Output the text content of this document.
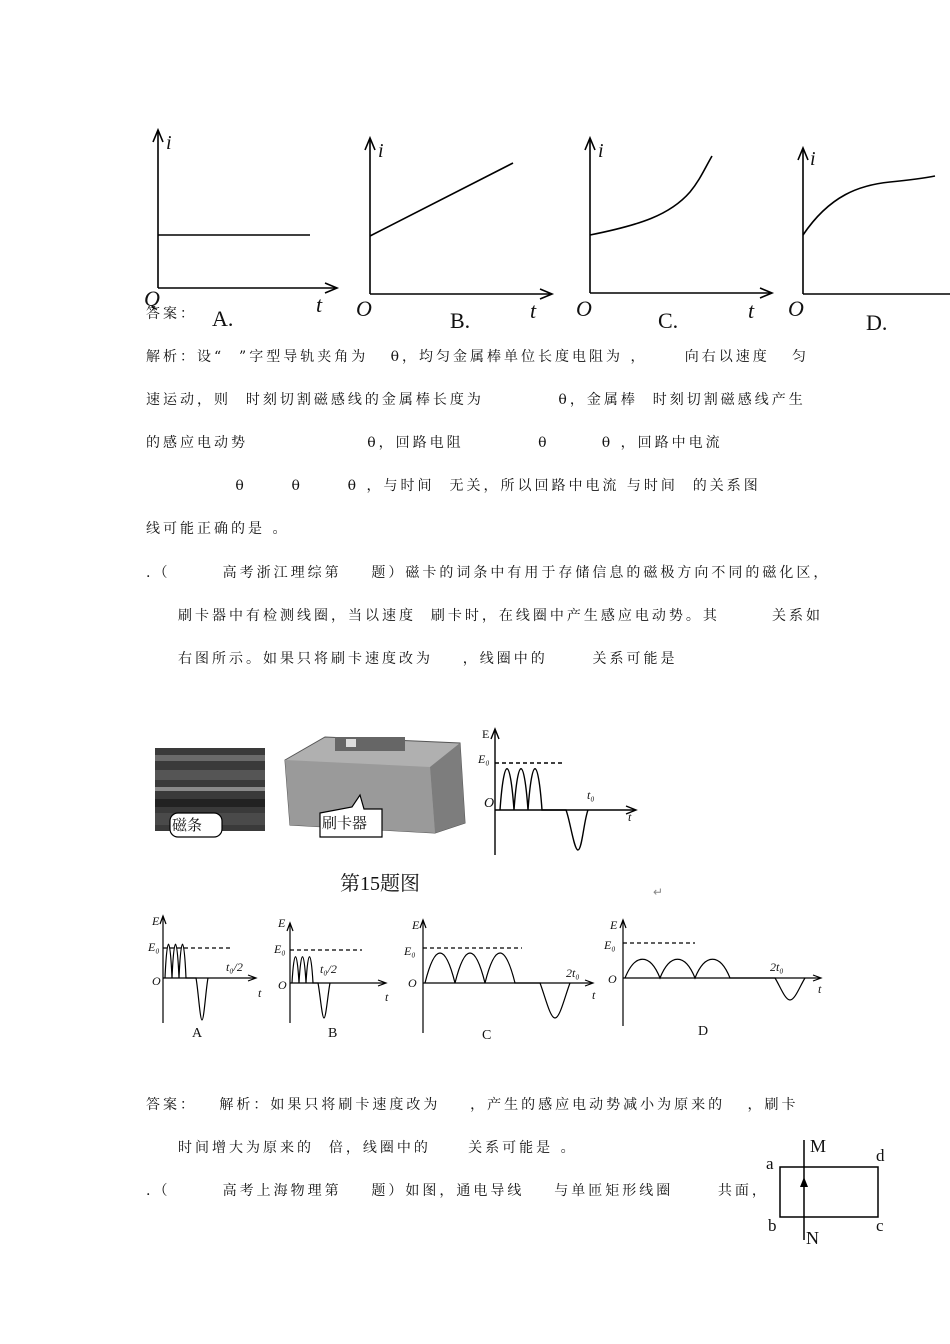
i
t
Q
A.
i
t
O	B.
i
t
O	C.
i
O
D.
答案：
解析：设“  ”字型导轨夹角为   θ，均匀金属棒单位长度电阻为 ，     向右以速度   匀
速运动，则  时刻切割磁感线的金属棒长度为          θ，金属棒  时刻切割磁感线产生
的感应电动势                θ，回路电阻          θ       θ ，回路中电流
θ      θ      θ ，与时间  无关，所以回路中电流 与时间  的关系图
线可能正确的是 。
.（       高考浙江理综第    题）磁卡的词条中有用于存储信息的磁极方向不同的磁化区，
刷卡器中有检测线圈，当以速度  刷卡时，在线圈中产生感应电动势。其       关系如
右图所示。如果只将刷卡速度改为    ，线圈中的      关系可能是
磁条	刷卡器
E
E₀
O
t₀
t
第15题图	↵
E
E₀
O
t₀/2
t
A
E
E₀
O
t₀/2
t
B
E
E₀
O
2t₀
t
C
E
E₀
O
2t₀
t
D
答案：   解析：如果只将刷卡速度改为    ，产生的感应电动势减小为原来的   ，刷卡
时间增大为原来的  倍，线圈中的     关系可能是 。
.（       高考上海物理第    题）如图，通电导线    与单匝矩形线圈      共面，
M
N
a
b	c
d
